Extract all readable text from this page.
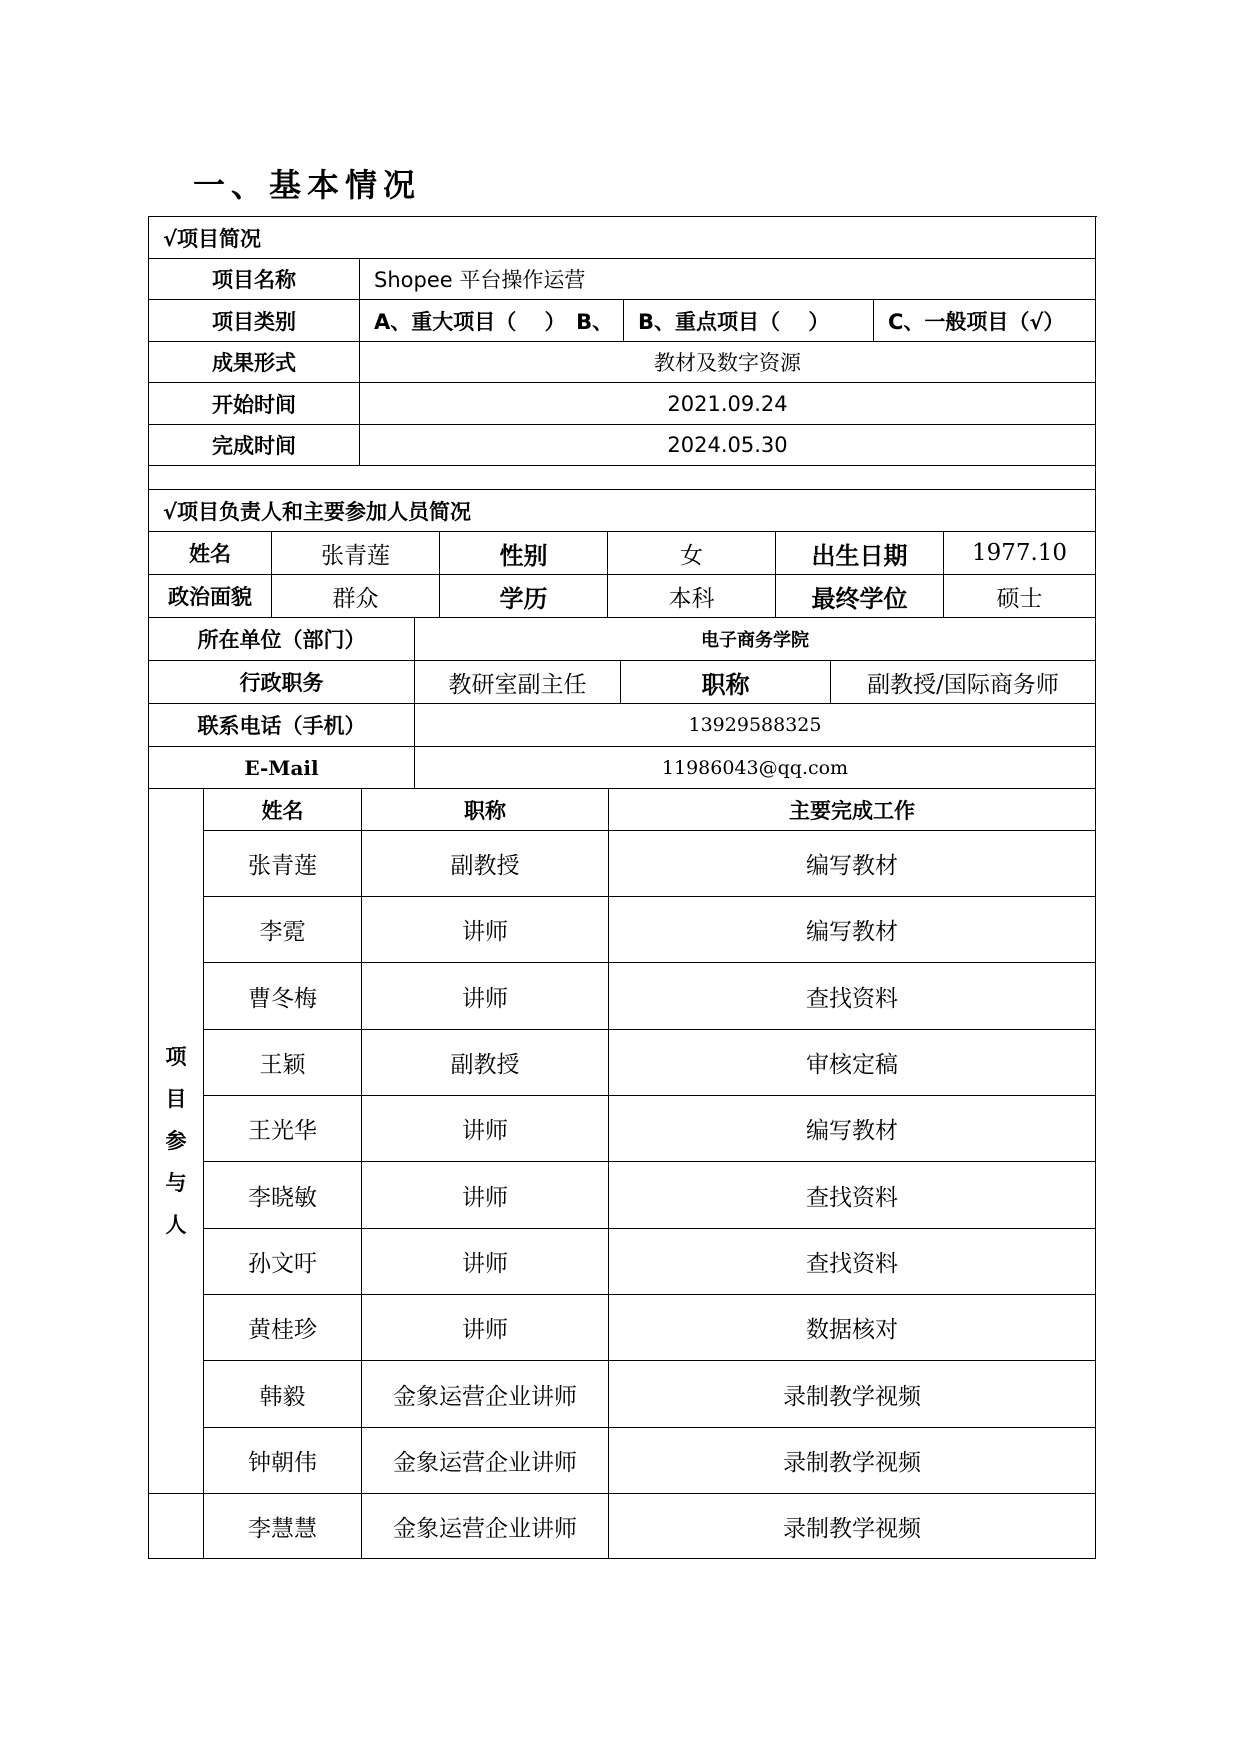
一、基本情况
√项目简况
项目名称	Shopee 平台操作运营
项目类别	A、重大项目（　 ）　B、	B、重点项目（　 ）	C、一般项目（√）
成果形式	教材及数字资源
开始时间	2021.09.24
完成时间	2024.05.30
√项目负责人和主要参加人员简况
姓名	张青莲	性别	女	出生日期	1977.10
政治面貌	群众	学历	本科	最终学位	硕士
所在单位（部门）	电子商务学院
行政职务	教研室副主任	职称	副教授/国际商务师
联系电话（手机）	13929588325
E-Mail	11986043@qq.com
项
目
参
与
人
姓名	职称	主要完成工作
张青莲	副教授	编写教材
李霓	讲师	编写教材
曹冬梅	讲师	查找资料
王颖	副教授	审核定稿
王光华	讲师	编写教材
李晓敏	讲师	查找资料
孙文吁	讲师	查找资料
黄桂珍	讲师	数据核对
韩毅	金象运营企业讲师	录制教学视频
钟朝伟	金象运营企业讲师	录制教学视频
李慧慧	金象运营企业讲师	录制教学视频
